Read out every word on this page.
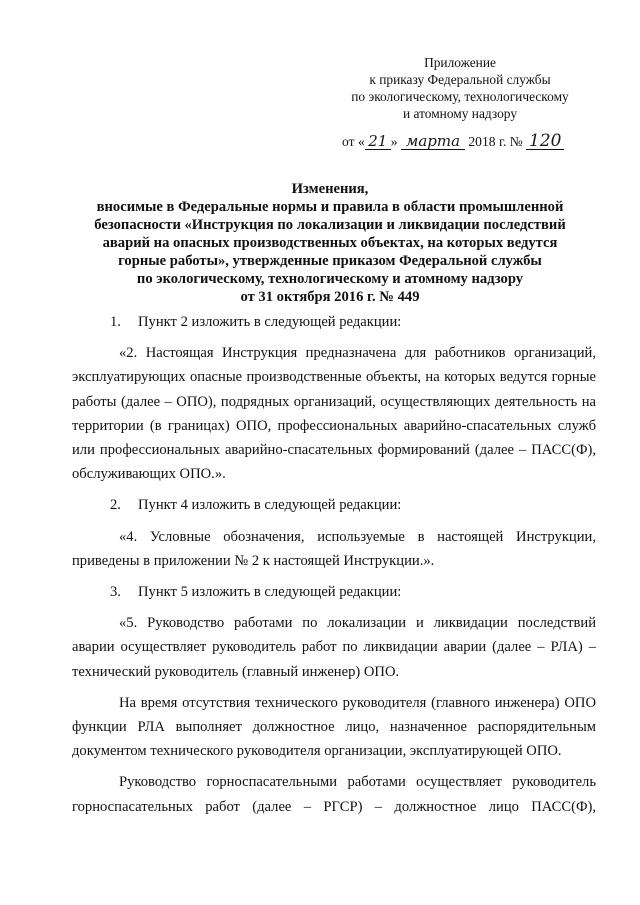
Приложение
к приказу Федеральной службы
по экологическому, технологическому
и атомному надзору
от « 21 » марта 2018 г. № 120
Изменения,
вносимые в Федеральные нормы и правила в области промышленной
безопасности «Инструкция по локализации и ликвидации последствий
аварий на опасных производственных объектах, на которых ведутся
горные работы», утвержденные приказом Федеральной службы
по экологическому, технологическому и атомному надзору
от 31 октября 2016 г. № 449

1. Пункт 2 изложить в следующей редакции:

«2. Настоящая Инструкция предназначена для работников организаций, эксплуатирующих опасные производственные объекты, на которых ведутся горные работы (далее – ОПО), подрядных организаций, осуществляющих деятельность на территории (в границах) ОПО, профессиональных аварийно-спасательных служб или профессиональных аварийно-спасательных формирований (далее – ПАСС(Ф), обслуживающих ОПО.».

2. Пункт 4 изложить в следующей редакции:

«4. Условные обозначения, используемые в настоящей Инструкции, приведены в приложении № 2 к настоящей Инструкции.».

3. Пункт 5 изложить в следующей редакции:

«5. Руководство работами по локализации и ликвидации последствий аварии осуществляет руководитель работ по ликвидации аварии (далее – РЛА) – технический руководитель (главный инженер) ОПО.

На время отсутствия технического руководителя (главного инженера) ОПО функции РЛА выполняет должностное лицо, назначенное распорядительным документом технического руководителя организации, эксплуатирующей ОПО.

Руководство горноспасательными работами осуществляет руководитель горноспасательных работ (далее – РГСР) – должностное лицо ПАСС(Ф),
